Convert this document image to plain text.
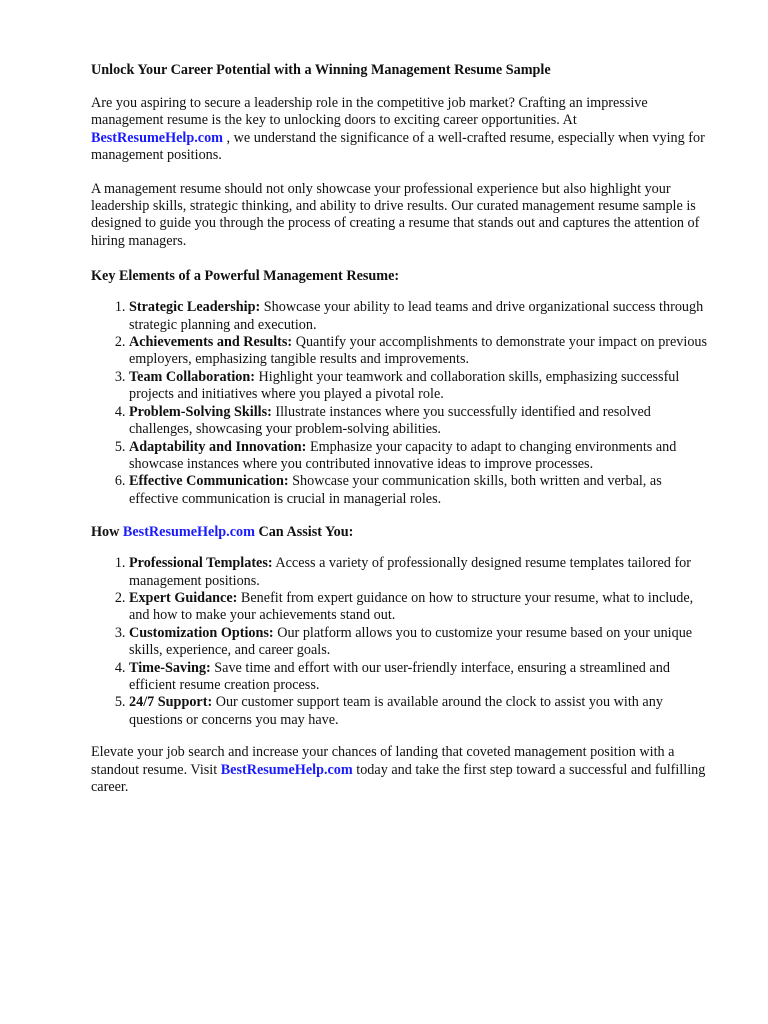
Unlock Your Career Potential with a Winning Management Resume Sample

Are you aspiring to secure a leadership role in the competitive job market? Crafting an impressive management resume is the key to unlocking doors to exciting career opportunities. At BestResumeHelp.com , we understand the significance of a well-crafted resume, especially when vying for management positions.

A management resume should not only showcase your professional experience but also highlight your leadership skills, strategic thinking, and ability to drive results. Our curated management resume sample is designed to guide you through the process of creating a resume that stands out and captures the attention of hiring managers.

Key Elements of a Powerful Management Resume:
1. Strategic Leadership: Showcase your ability to lead teams and drive organizational success through strategic planning and execution.
2. Achievements and Results: Quantify your accomplishments to demonstrate your impact on previous employers, emphasizing tangible results and improvements.
3. Team Collaboration: Highlight your teamwork and collaboration skills, emphasizing successful projects and initiatives where you played a pivotal role.
4. Problem-Solving Skills: Illustrate instances where you successfully identified and resolved challenges, showcasing your problem-solving abilities.
5. Adaptability and Innovation: Emphasize your capacity to adapt to changing environments and showcase instances where you contributed innovative ideas to improve processes.
6. Effective Communication: Showcase your communication skills, both written and verbal, as effective communication is crucial in managerial roles.
How BestResumeHelp.com Can Assist You:
1. Professional Templates: Access a variety of professionally designed resume templates tailored for management positions.
2. Expert Guidance: Benefit from expert guidance on how to structure your resume, what to include, and how to make your achievements stand out.
3. Customization Options: Our platform allows you to customize your resume based on your unique skills, experience, and career goals.
4. Time-Saving: Save time and effort with our user-friendly interface, ensuring a streamlined and efficient resume creation process.
5. 24/7 Support: Our customer support team is available around the clock to assist you with any questions or concerns you may have.

Elevate your job search and increase your chances of landing that coveted management position with a standout resume. Visit BestResumeHelp.com today and take the first step toward a successful and fulfilling career.
